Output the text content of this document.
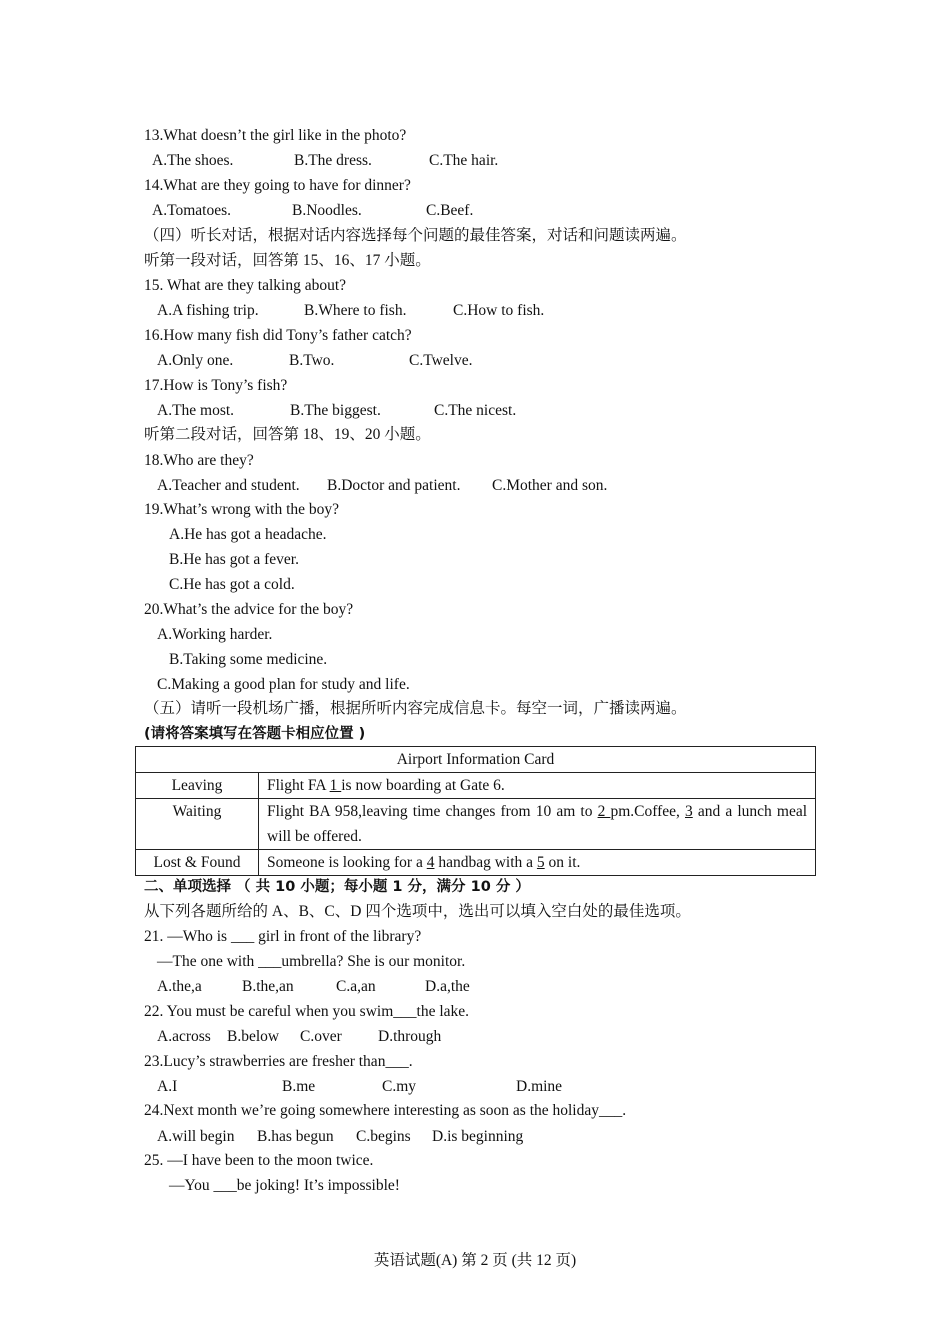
13.What doesn’t the girl like in the photo?
A.The shoes.	B.The dress.	C.The hair.
14.What are they going to have for dinner?
A.Tomatoes.	B.Noodles.	C.Beef.
（四）听长对话，根据对话内容选择每个问题的最佳答案，对话和问题读两遍。
听第一段对话，回答第 15、16、17 小题。
15. What are they talking about?
A.A fishing trip.	B.Where to fish.	C.How to fish.
16.How many fish did Tony’s father catch?
A.Only one.	B.Two.	C.Twelve.
17.How is Tony’s fish?
A.The most.	B.The biggest.	C.The nicest.
听第二段对话，回答第 18、19、20 小题。
18.Who are they?
A.Teacher and student. B.Doctor and patient. C.Mother and son.
19.What’s wrong with the boy?
A.He has got a headache.
B.He has got a fever.
C.He has got a cold.
20.What’s the advice for the boy?
A.Working harder.
B.Taking some medicine.
C.Making a good plan for study and life.
（五）请听一段机场广播，根据所听内容完成信息卡。每空一词，广播读两遍。
(请将答案填写在答题卡相应位置 )
Airport Information Card	
Leaving	Flight FA 1 is now boarding at Gate 6.
Waiting	Flight BA 958,leaving time changes from 10 am to 2 pm.Coffee, 3 and a lunch meal will be offered.
Lost & Found	Someone is looking for a 4 handbag with a 5 on it.
二、单项选择 （ 共 10 小题；每小题 1 分，满分 10 分 ）
从下列各题所给的 A、B、C、D 四个选项中，选出可以填入空白处的最佳选项。
21. —Who is ___ girl in front of the library?
—The one with ___umbrella? She is our monitor.
A.the,a	B.the,an	C.a,an	D.a,the
22. You must be careful when you swim___the lake.
A.across B.below C.over D.through
23.Lucy’s strawberries are fresher than___.
A.I	B.me	C.my	D.mine
24.Next month we’re going somewhere interesting as soon as the holiday___.
A.will begin B.has begun C.begins D.is beginning
25. —I have been to the moon twice.
—You ___be joking! It’s impossible!
英语试题(A) 第 2 页 (共 12 页)
